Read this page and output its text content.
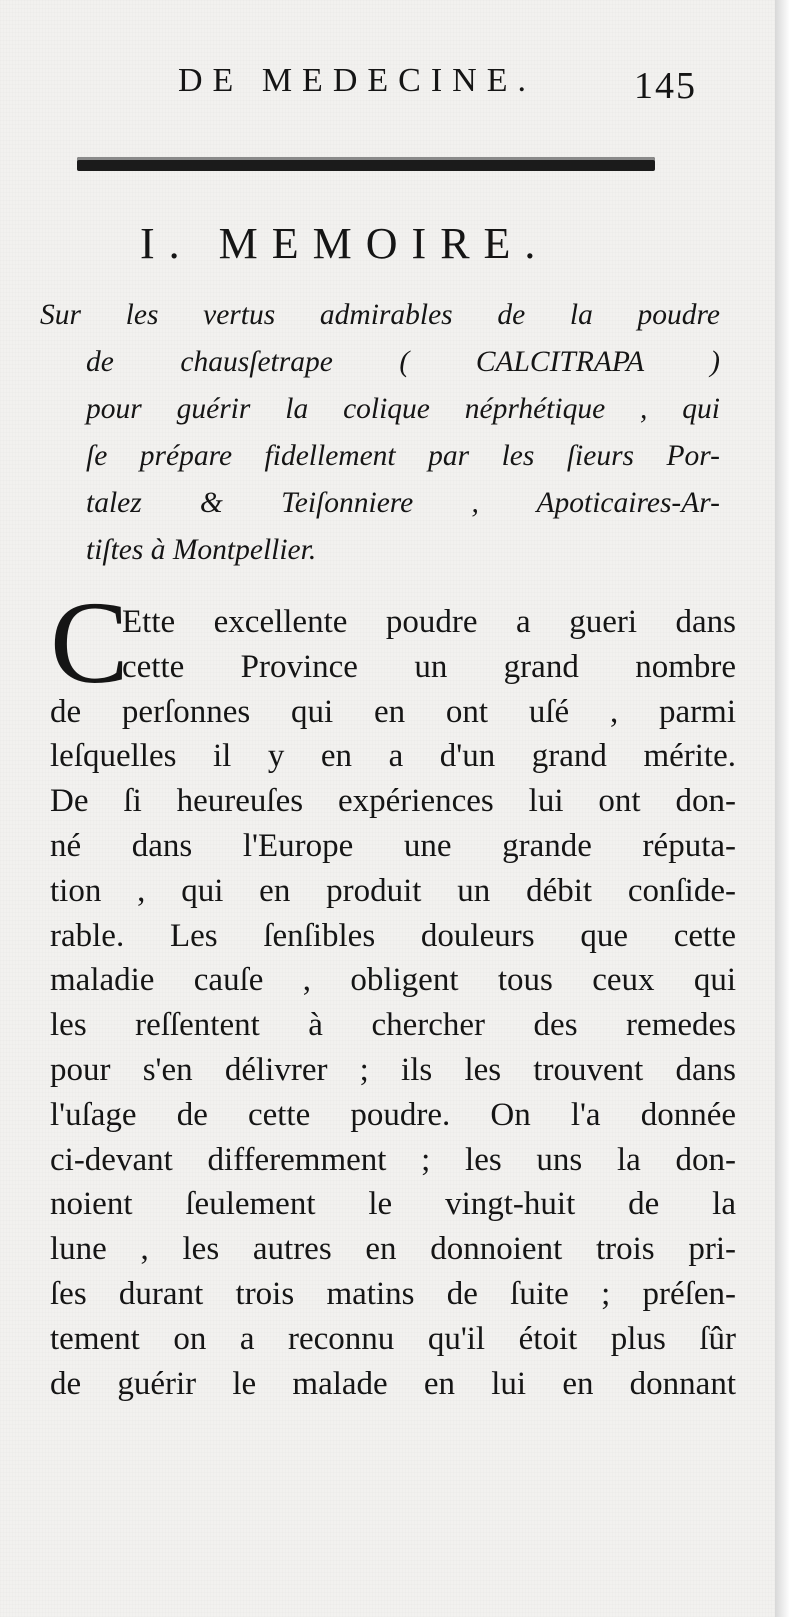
DE MEDECINE.	145
I. MEMOIRE.
Sur les vertus admirables de la poudre
de chausſetrape ( CALCITRAPA )
pour guérir la colique néprhétique , qui
ſe prépare fidellement par les ſieurs Por-
talez & Teiſonniere , Apoticaires-Ar-
tiſtes à Montpellier.
C
Ette excellente poudre a gueri dans
cette Province un grand nombre
de perſonnes qui en ont uſé , parmi
leſquelles il y en a d'un grand mérite.
De ſi heureuſes expériences lui ont don-
né dans l'Europe une grande réputa-
tion , qui en produit un débit conſide-
rable. Les ſenſibles douleurs que cette
maladie cauſe , obligent tous ceux qui
les reſſentent à chercher des remedes
pour s'en délivrer ; ils les trouvent dans
l'uſage de cette poudre. On l'a donnée
ci-devant differemment ; les uns la don-
noient ſeulement le vingt-huit de la
lune , les autres en donnoient trois pri-
ſes durant trois matins de ſuite ; préſen-
tement on a reconnu qu'il étoit plus ſûr
de guérir le malade en lui en donnant
